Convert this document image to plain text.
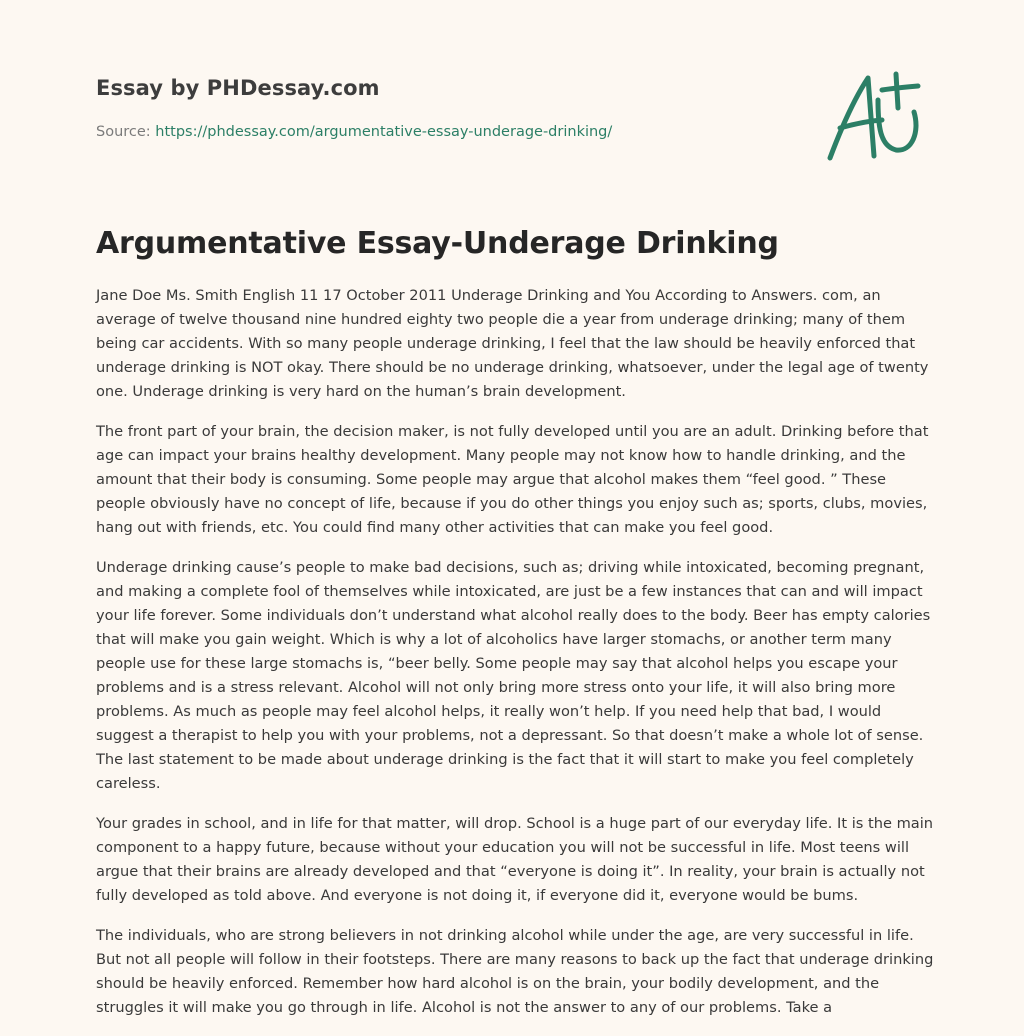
Essay by PHDessay.com
Source: https://phdessay.com/argumentative-essay-underage-drinking/
Argumentative Essay-Underage Drinking

Jane Doe Ms. Smith English 11 17 October 2011 Underage Drinking and You According to Answers. com, an average of twelve thousand nine hundred eighty two people die a year from underage drinking; many of them being car accidents. With so many people underage drinking, I feel that the law should be heavily enforced that underage drinking is NOT okay. There should be no underage drinking, whatsoever, under the legal age of twenty one. Underage drinking is very hard on the human’s brain development.

The front part of your brain, the decision maker, is not fully developed until you are an adult. Drinking before that age can impact your brains healthy development. Many people may not know how to handle drinking, and the amount that their body is consuming. Some people may argue that alcohol makes them “feel good. ” These people obviously have no concept of life, because if you do other things you enjoy such as; sports, clubs, movies, hang out with friends, etc. You could find many other activities that can make you feel good.

Underage drinking cause’s people to make bad decisions, such as; driving while intoxicated, becoming pregnant, and making a complete fool of themselves while intoxicated, are just be a few instances that can and will impact your life forever. Some individuals don’t understand what alcohol really does to the body. Beer has empty calories that will make you gain weight. Which is why a lot of alcoholics have larger stomachs, or another term many people use for these large stomachs is, “beer belly. Some people may say that alcohol helps you escape your problems and is a stress relevant. Alcohol will not only bring more stress onto your life, it will also bring more problems. As much as people may feel alcohol helps, it really won’t help. If you need help that bad, I would suggest a therapist to help you with your problems, not a depressant. So that doesn’t make a whole lot of sense. The last statement to be made about underage drinking is the fact that it will start to make you feel completely careless.

Your grades in school, and in life for that matter, will drop. School is a huge part of our everyday life. It is the main component to a happy future, because without your education you will not be successful in life. Most teens will argue that their brains are already developed and that “everyone is doing it”. In reality, your brain is actually not fully developed as told above. And everyone is not doing it, if everyone did it, everyone would be bums.

The individuals, who are strong believers in not drinking alcohol while under the age, are very successful in life. But not all people will follow in their footsteps. There are many reasons to back up the fact that underage drinking should be heavily enforced. Remember how hard alcohol is on the brain, your bodily development, and the struggles it will make you go through in life. Alcohol is not the answer to any of our problems. Take a
